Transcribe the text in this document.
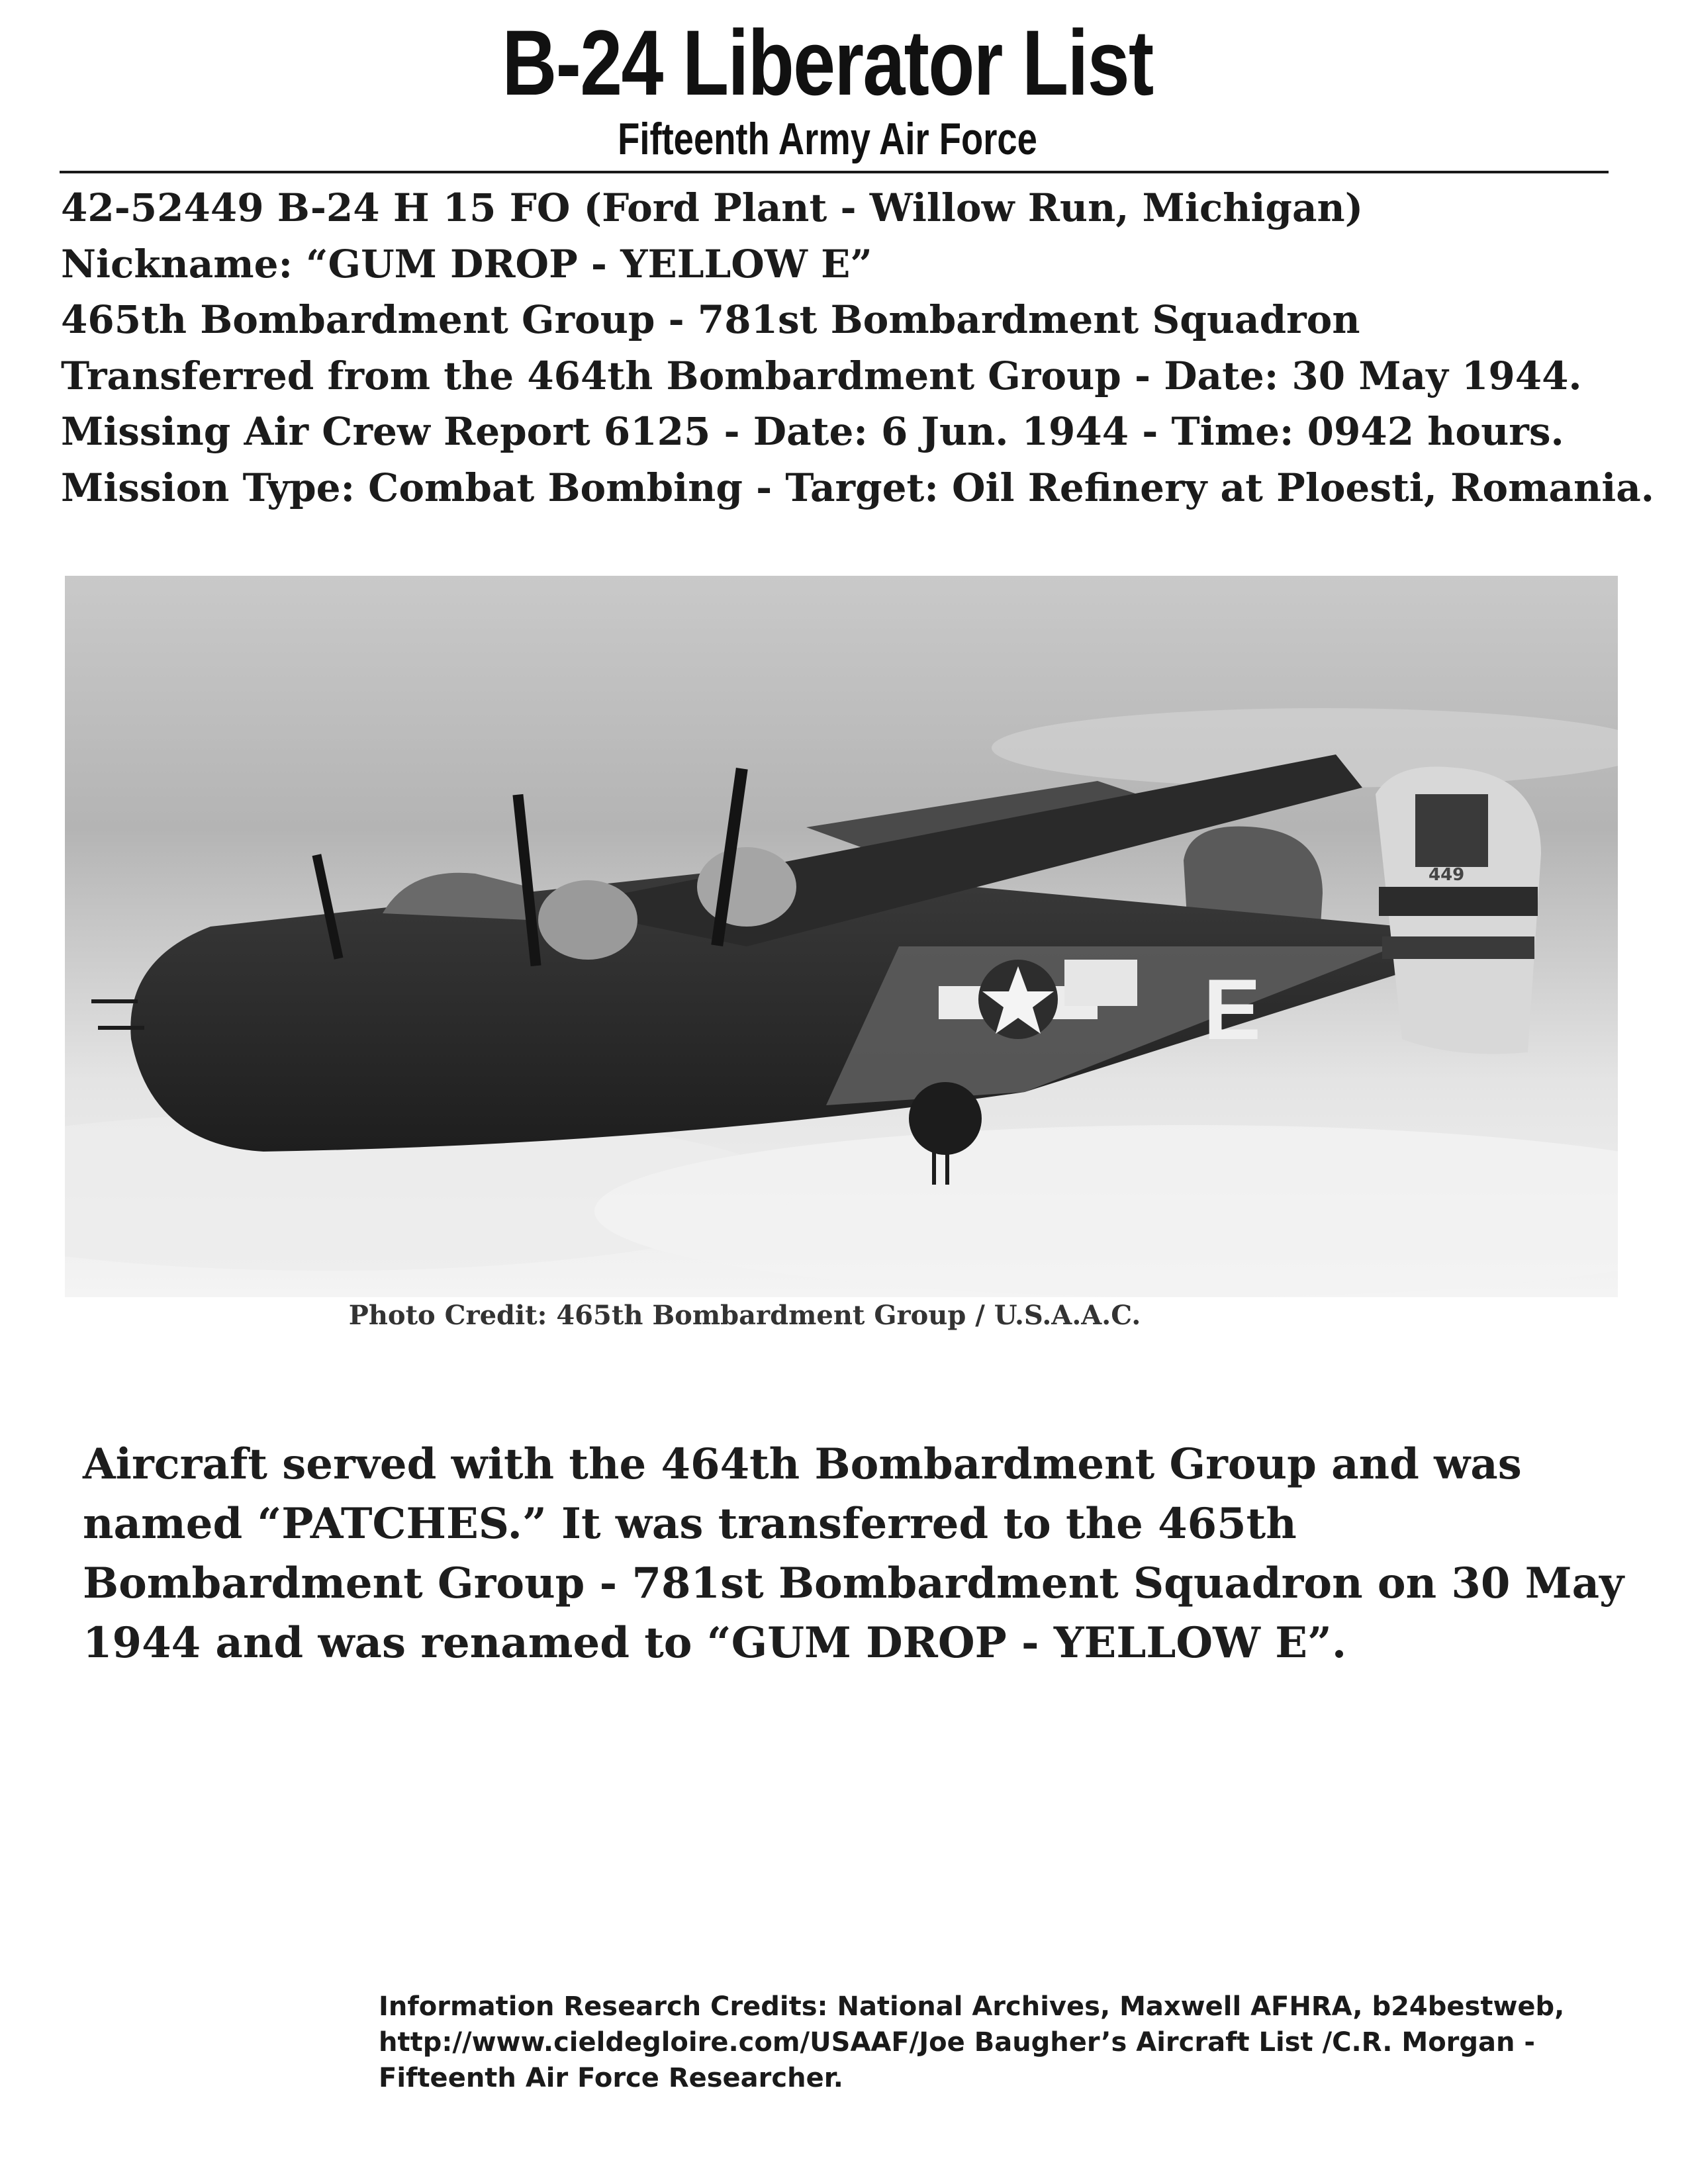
B-24 Liberator List
Fifteenth Army Air Force
42-52449 B-24 H 15 FO (Ford Plant - Willow Run, Michigan)
Nickname: “GUM DROP - YELLOW E”
465th Bombardment Group - 781st Bombardment Squadron
Transferred from the 464th Bombardment Group - Date: 30 May 1944.
Missing Air Crew Report 6125 - Date: 6 Jun. 1944 - Time: 0942 hours.
Mission Type: Combat Bombing - Target: Oil Refinery at Ploesti, Romania.
449
E
Photo Credit: 465th Bombardment Group / U.S.A.A.C.
Aircraft served with the 464th Bombardment Group and was named “PATCHES.” It was transferred to the 465th Bombardment Group - 781st Bombardment Squadron on 30 May 1944 and was renamed to “GUM DROP - YELLOW E”.
Information Research Credits: National Archives, Maxwell AFHRA, b24bestweb, http://www.cieldegloire.com/USAAF/Joe Baugher’s Aircraft List /C.R. Morgan - Fifteenth Air Force Researcher.
